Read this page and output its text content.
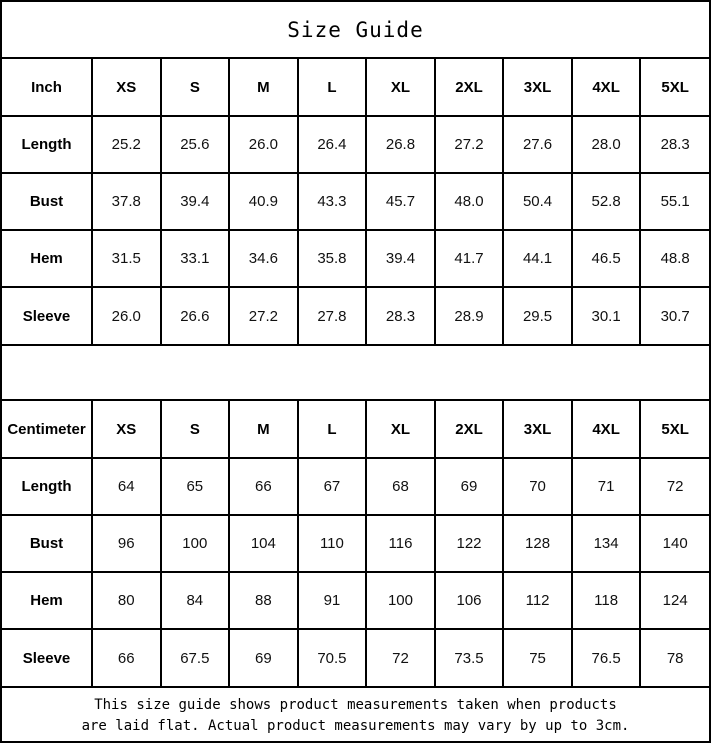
Size Guide
Inch	XS	S	M	L	XL	2XL	3XL	4XL	5XL
Length	25.2	25.6	26.0	26.4	26.8	27.2	27.6	28.0	28.3
Bust	37.8	39.4	40.9	43.3	45.7	48.0	50.4	52.8	55.1
Hem	31.5	33.1	34.6	35.8	39.4	41.7	44.1	46.5	48.8
Sleeve	26.0	26.6	27.2	27.8	28.3	28.9	29.5	30.1	30.7
Centimeter	XS	S	M	L	XL	2XL	3XL	4XL	5XL
Length	64	65	66	67	68	69	70	71	72
Bust	96	100	104	110	116	122	128	134	140
Hem	80	84	88	91	100	106	112	118	124
Sleeve	66	67.5	69	70.5	72	73.5	75	76.5	78
This size guide shows product measurements taken when products
are laid flat. Actual product measurements may vary by up to 3cm.
